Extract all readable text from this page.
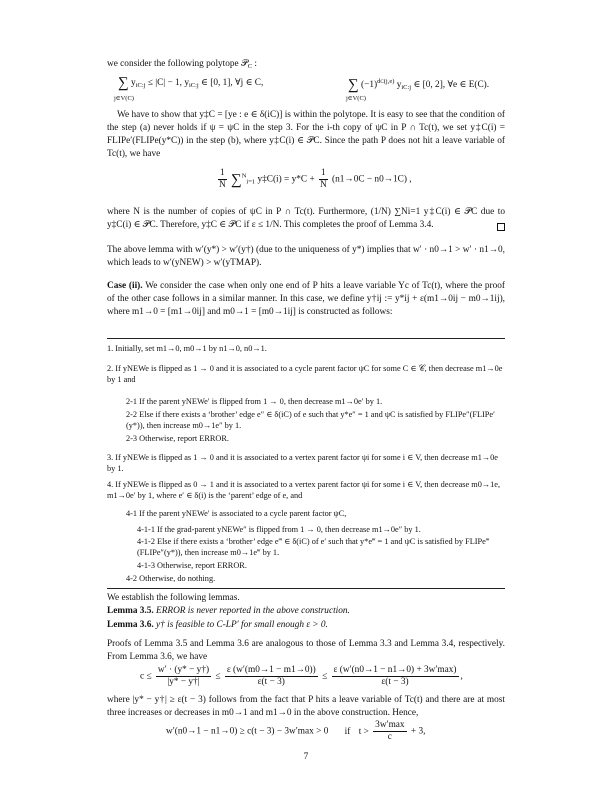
we consider the following polytope 𝒫$_C$ :
∑ $y_{iC:j} \le |C| - 1$, $y_{iC:j}$ ∈ [0, 1], ∀j ∈ C,
j∈V(C)
∑ $(-1)^{dC(j,e)}$ $y_{iC:j}$ ∈ [0, 2], ∀e ∈ E(C).
j∈V(C)
We have to show that y‡C = [ye : e ∈ δ(iC)] is within the polytope. It is easy to see that the condition of the step (a) never holds if ψ = ψC in the step 3. For the i-th copy of ψC in P ∩ Tc(t), we set y‡C(i) = FLIPe′(FLIPe(y*C)) in the step (b), where y‡C(i) ∈ 𝒫C. Since the path P does not hit a leave variable of Tc(t), we have
$\frac{1}{N} \sum^N_{i=1}$ y‡C(i) = $y*C + \frac{1}{N} (n1\to 0C - n0\to 1C)$ ,
where N is the number of copies of ψC in P ∩ Tc(t). Furthermore, (1/N) ∑Ni=1 y‡C(i) ∈ 𝒫C due to y‡C(i) ∈ 𝒫C. Therefore, y‡C ∈ 𝒫C if ε ≤ 1/N. This completes the proof of Lemma 3.4.
The above lemma with w′(y*) > w′(y†) (due to the uniqueness of y*) implies that w′ · n0→1 > w′ · n1→0, which leads to w′(yNEW) > w′(yTMAP).
Case (ii). We consider the case when only one end of P hits a leave variable Yc of Tc(t), where the proof of the other case follows in a similar manner. In this case, we define y†ij := y*ij + ε(m1→0ij − m0→1ij), where m1→0 = [m1→0ij] and m0→1 = [m0→1ij] is constructed as follows:
1. Initially, set m1→0, m0→1 by n1→0, n0→1.
2. If yNEWe is flipped as 1 → 0 and it is associated to a cycle parent factor ψC for some C ∈ 𝒞, then decrease m1→0e by 1 and
2-1 If the parent yNEWe′ is flipped from 1 → 0, then decrease m1→0e′ by 1.
2-2 Else if there exists a ‘brother’ edge e″ ∈ δ(iC) of e such that y*e″ = 1 and ψC is satisfied by FLIPe″(FLIPe′(y*)), then increase m0→1e″ by 1.
2-3 Otherwise, report ERROR.
3. If yNEWe is flipped as 1 → 0 and it is associated to a vertex parent factor ψi for some i ∈ V, then decrease m1→0e by 1.
4. If yNEWe is flipped as 0 → 1 and it is associated to a vertex parent factor ψi for some i ∈ V, then decrease m0→1e, m1→0e′ by 1, where e′ ∈ δ(i) is the ‘parent’ edge of e, and
4-1 If the parent yNEWe′ is associated to a cycle parent factor ψC,
4-1-1 If the grad-parent yNEWe″ is flipped from 1 → 0, then decrease m1→0e″ by 1.
4-1-2 Else if there exists a ‘brother’ edge e‴ ∈ δ(iC) of e′ such that y*e‴ = 1 and ψC is satisfied by FLIPe‴(FLIPe″(y*)), then increase m0→1e‴ by 1.
4-1-3 Otherwise, report ERROR.
4-2 Otherwise, do nothing.
We establish the following lemmas.
Lemma 3.5. ERROR is never reported in the above construction.
Lemma 3.6. y† is feasible to C-LP′ for small enough ε > 0.
Proofs of Lemma 3.5 and Lemma 3.6 are analogous to those of Lemma 3.3 and Lemma 3.4, respectively. From Lemma 3.6, we have
$c \le \frac{w' \cdot (y* - y\dagger)}{|y* - y\dagger|} \le \frac{\varepsilon (w'(m0\to 1 - m1\to 0))}{\varepsilon(t - 3)} \le \frac{\varepsilon (w'(n0\to 1 - n1\to 0) + 3w'\max)}{\varepsilon(t - 3)}$ ,
where |y* − y†| ≥ ε(t − 3) follows from the fact that P hits a leave variable of Tc(t) and there are at most three increases or decreases in m0→1 and m1→0 in the above construction. Hence,
w′(n0→1 − n1→0) ≥ c(t − 3) − 3w′max > 0 if $t > \frac{3w'\max}{c} + 3$,
7
